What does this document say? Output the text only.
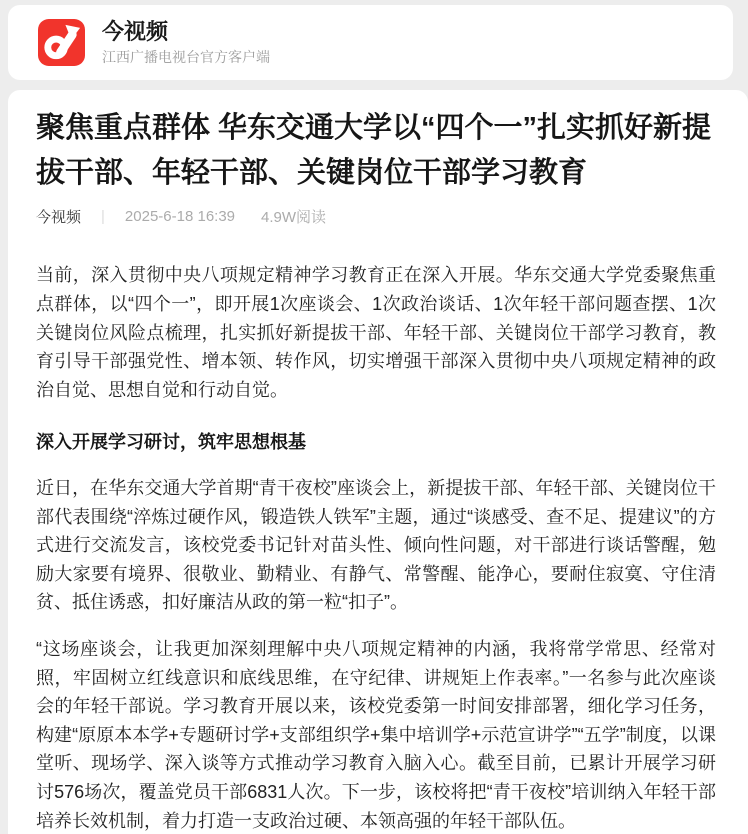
今视频
江西广播电视台官方客户端
聚焦重点群体 华东交通大学以“四个一”扎实抓好新提拔干部、年轻干部、关键岗位干部学习教育
今视频 | 2025-6-18 16:39 4.9W阅读

当前，深入贯彻中央八项规定精神学习教育正在深入开展。华东交通大学党委聚焦重点群体，以“四个一”，即开展1次座谈会、1次政治谈话、1次年轻干部问题查摆、1次关键岗位风险点梳理，扎实抓好新提拔干部、年轻干部、关键岗位干部学习教育，教育引导干部强党性、增本领、转作风，切实增强干部深入贯彻中央八项规定精神的政治自觉、思想自觉和行动自觉。

深入开展学习研讨，筑牢思想根基

近日，在华东交通大学首期“青干夜校”座谈会上，新提拔干部、年轻干部、关键岗位干部代表围绕“淬炼过硬作风，锻造铁人铁军”主题，通过“谈感受、查不足、提建议”的方式进行交流发言，该校党委书记针对苗头性、倾向性问题，对干部进行谈话警醒，勉励大家要有境界、很敬业、勤精业、有静气、常警醒、能净心，要耐住寂寞、守住清贫、抵住诱惑，扣好廉洁从政的第一粒“扣子”。

“这场座谈会，让我更加深刻理解中央八项规定精神的内涵，我将常学常思、经常对照，牢固树立红线意识和底线思维，在守纪律、讲规矩上作表率。”一名参与此次座谈会的年轻干部说。学习教育开展以来，该校党委第一时间安排部署，细化学习任务，构建“原原本本学+专题研讨学+支部组织学+集中培训学+示范宣讲学”“五学”制度，以课堂听、现场学、深入谈等方式推动学习教育入脑入心。截至目前，已累计开展学习研讨576场次，覆盖党员干部6831人次。下一步，该校将把“青干夜校”培训纳入年轻干部培养长效机制，着力打造一支政治过硬、本领高强的年轻干部队伍。
